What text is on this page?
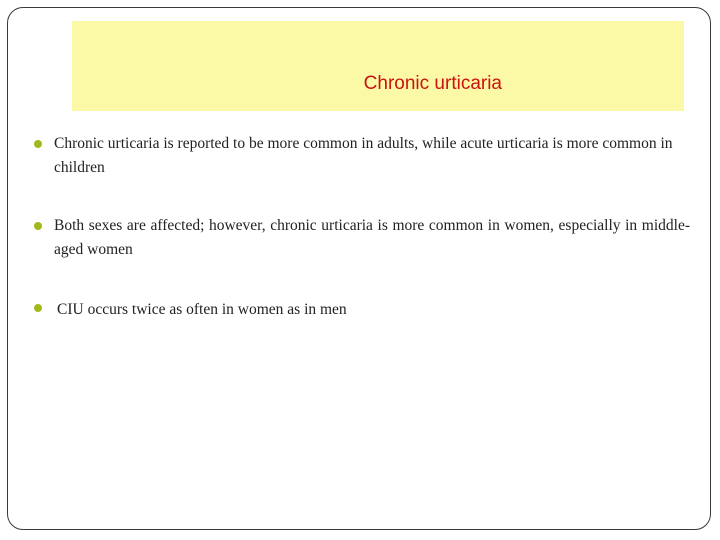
Chronic urticaria

Chronic urticaria is reported to be more common in adults, while acute urticaria is more common in children

Both sexes are affected; however, chronic urticaria is more common in women, especially in middle-aged women

CIU occurs twice as often in women as in men
